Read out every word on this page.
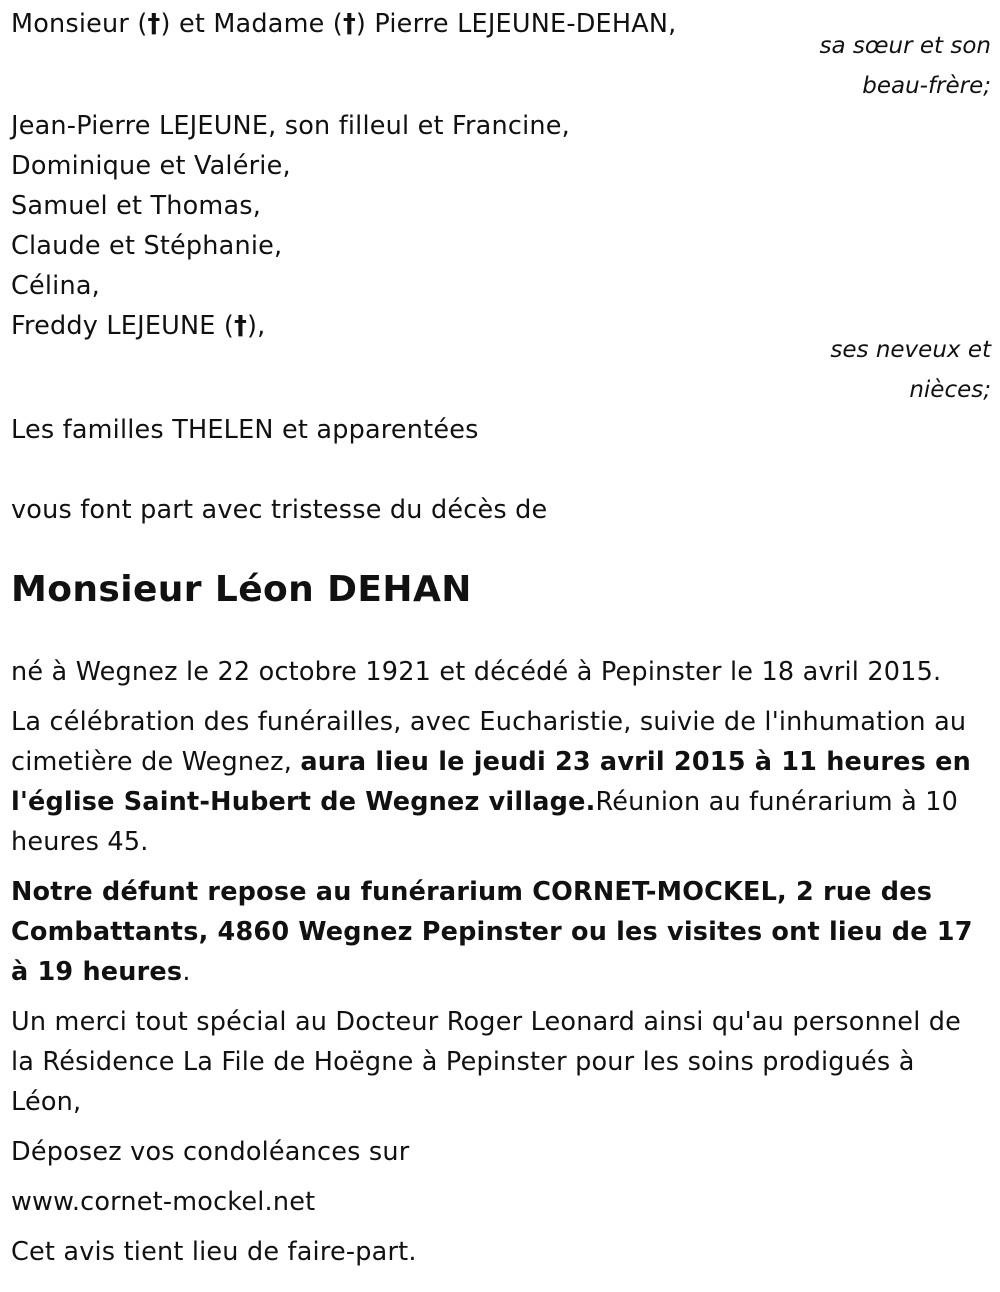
Monsieur (†) et Madame (†) Pierre LEJEUNE-DEHAN,
sa sœur et son
beau-frère;
Jean-Pierre LEJEUNE, son filleul et Francine,
Dominique et Valérie,
Samuel et Thomas,
Claude et Stéphanie,
Célina,
Freddy LEJEUNE (†),
ses neveux et
nièces;
Les familles THELEN et apparentées
vous font part avec tristesse du décès de
Monsieur Léon DEHAN
né à Wegnez le 22 octobre 1921 et décédé à Pepinster le 18 avril 2015.

La célébration des funérailles, avec Eucharistie, suivie de l'inhumation au cimetière de Wegnez, aura lieu le jeudi 23 avril 2015 à 11 heures en l'église Saint-Hubert de Wegnez village.Réunion au funérarium à 10 heures 45.

Notre défunt repose au funérarium CORNET-MOCKEL, 2 rue des Combattants, 4860 Wegnez Pepinster ou les visites ont lieu de 17 à 19 heures.

Un merci tout spécial au Docteur Roger Leonard ainsi qu'au personnel de la Résidence La File de Hoëgne à Pepinster pour les soins prodigués à Léon,

Déposez vos condoléances sur
www.cornet-mockel.net
Cet avis tient lieu de faire-part.
